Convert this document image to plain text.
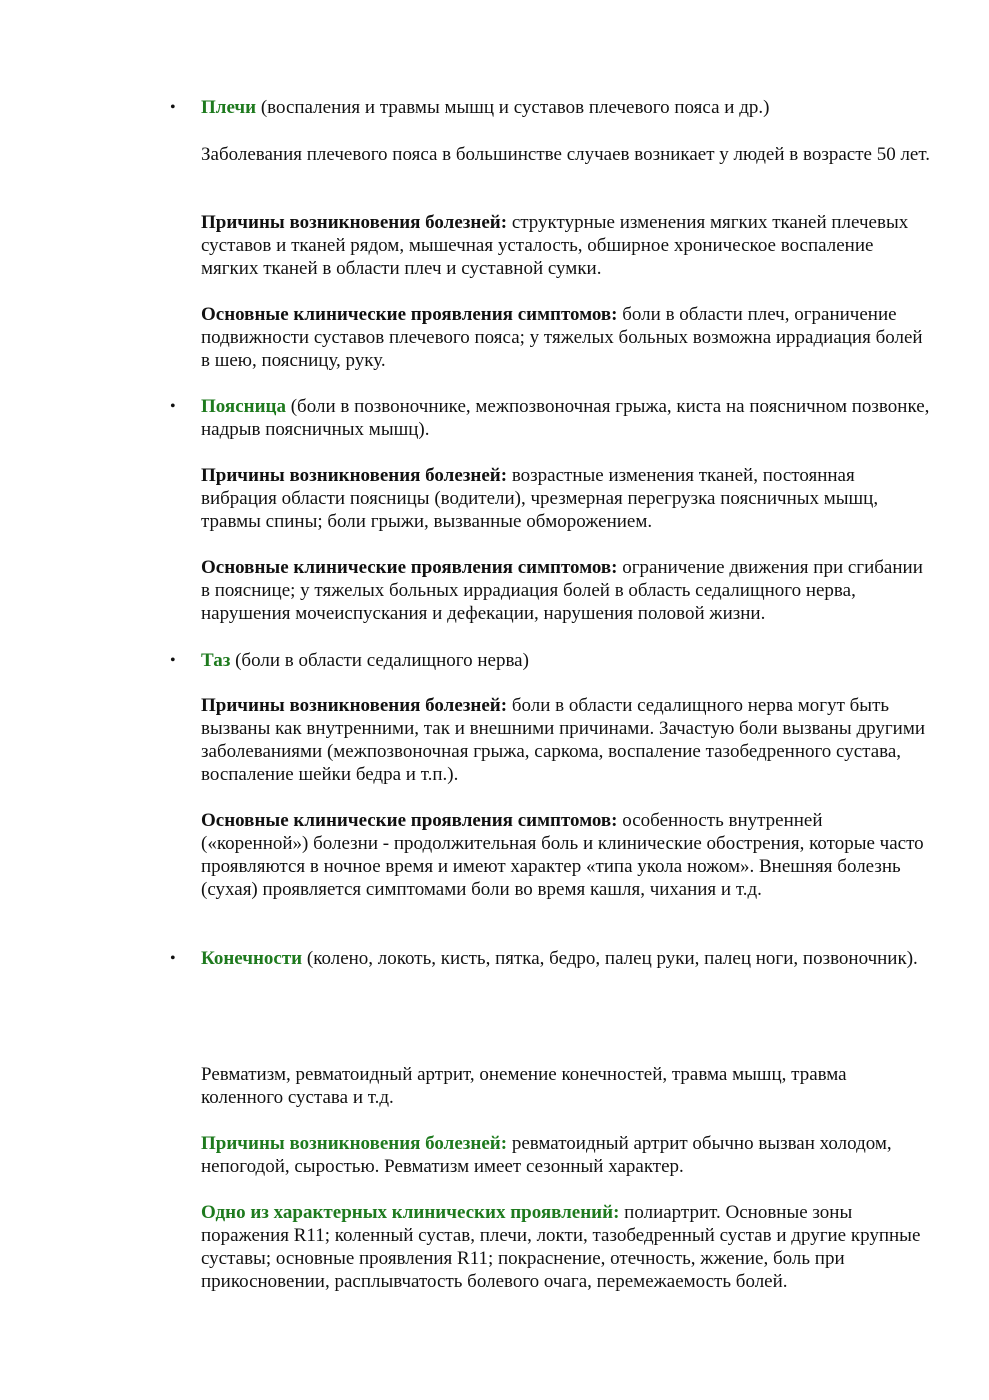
• Плечи (воспаления и травмы мышц и суставов плечевого пояса и др.)

Заболевания плечевого пояса в большинстве случаев возникает у людей в возрасте 50 лет.

Причины возникновения болезней: структурные изменения мягких тканей плечевых суставов и тканей рядом, мышечная усталость, обширное хроническое воспаление мягких тканей в области плеч и суставной сумки.

Основные клинические проявления симптомов: боли в области плеч, ограничение подвижности суставов плечевого пояса; у тяжелых больных возможна иррадиация болей в шею, поясницу, руку.

• Поясница (боли в позвоночнике, межпозвоночная грыжа, киста на поясничном позвонке, надрыв поясничных мышц).

Причины возникновения болезней: возрастные изменения тканей, постоянная вибрация области поясницы (водители), чрезмерная перегрузка поясничных мышц, травмы спины; боли грыжи, вызванные обморожением.

Основные клинические проявления симптомов: ограничение движения при сгибании в пояснице; у тяжелых больных иррадиация болей в область седалищного нерва, нарушения мочеиспускания и дефекации, нарушения половой жизни.

• Таз (боли в области седалищного нерва)

Причины возникновения болезней: боли в области седалищного нерва могут быть вызваны как внутренними, так и внешними причинами. Зачастую боли вызваны другими заболеваниями (межпозвоночная грыжа, саркома, воспаление тазобедренного сустава, воспаление шейки бедра и т.п.).

Основные клинические проявления симптомов: особенность внутренней («коренной») болезни - продолжительная боль и клинические обострения, которые часто проявляются в ночное время и имеют характер «типа укола ножом». Внешняя болезнь (сухая) проявляется симптомами боли во время кашля, чихания и т.д.

• Конечности (колено, локоть, кисть, пятка, бедро, палец руки, палец ноги, позвоночник).

Ревматизм, ревматоидный артрит, онемение конечностей, травма мышц, травма коленного сустава и т.д.

Причины возникновения болезней: ревматоидный артрит обычно вызван холодом, непогодой, сыростью. Ревматизм имеет сезонный характер.

Одно из характерных клинических проявлений: полиартрит. Основные зоны поражения R11; коленный сустав, плечи, локти, тазобедренный сустав и другие крупные суставы; основные проявления R11; покраснение, отечность, жжение, боль при прикосновении, расплывчатость болевого очага, перемежаемость болей.
